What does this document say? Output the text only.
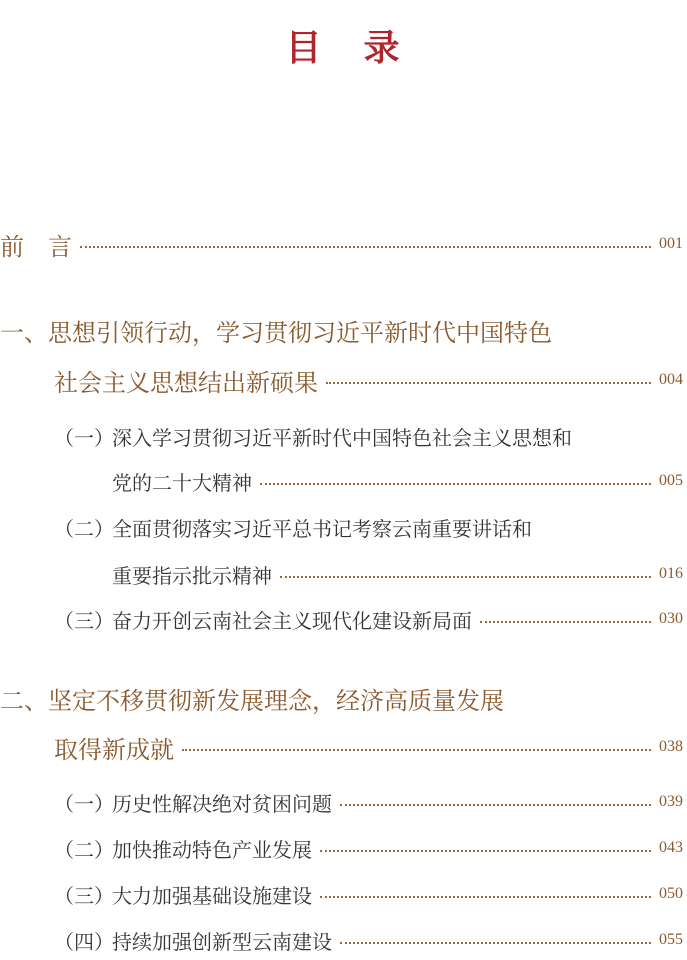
目 录
前　言	001
一、思想引领行动，学习贯彻习近平新时代中国特色
社会主义思想结出新硕果	004
（一）深入学习贯彻习近平新时代中国特色社会主义思想和
党的二十大精神	005
（二）全面贯彻落实习近平总书记考察云南重要讲话和
重要指示批示精神	016
（三）奋力开创云南社会主义现代化建设新局面	030
二、坚定不移贯彻新发展理念，经济高质量发展
取得新成就	038
（一）历史性解决绝对贫困问题	039
（二）加快推动特色产业发展	043
（三）大力加强基础设施建设	050
（四）持续加强创新型云南建设	055
